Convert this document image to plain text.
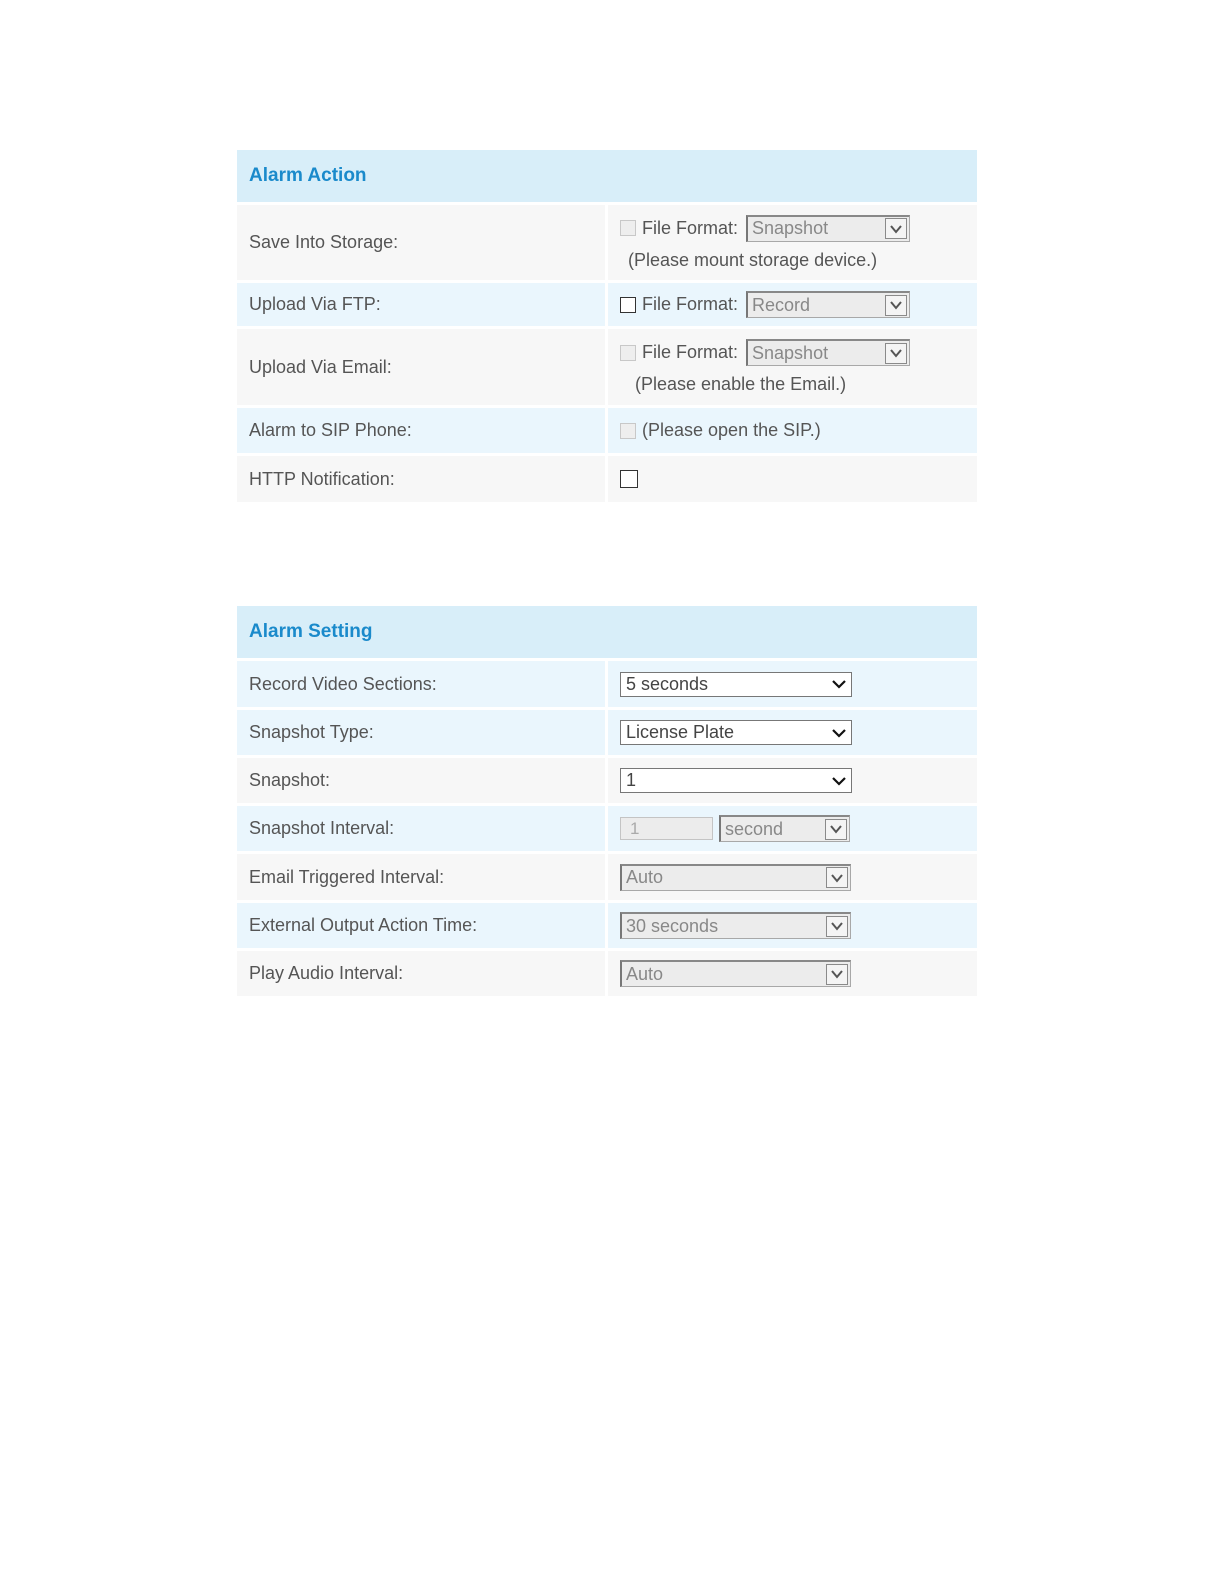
Alarm Action
Save Into Storage:
File Format: Snapshot
(Please mount storage device.)
Upload Via FTP:	File Format: Record
Upload Via Email:
File Format: Snapshot
(Please enable the Email.)
Alarm to SIP Phone:	(Please open the SIP.)
HTTP Notification:
Alarm Setting
Record Video Sections:	5 seconds
Snapshot Type:	License Plate
Snapshot:	1
Snapshot Interval:	1	second
Email Triggered Interval:	Auto
External Output Action Time:	30 seconds
Play Audio Interval:	Auto
